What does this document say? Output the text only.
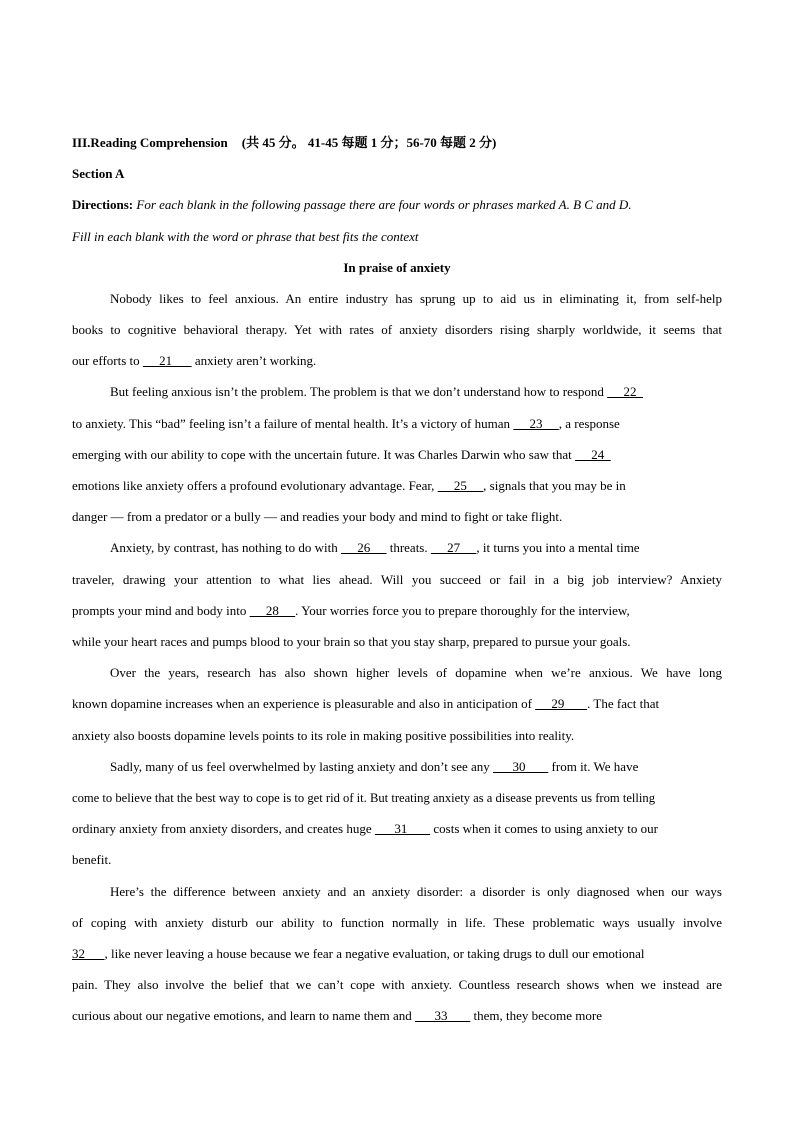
III.Reading Comprehension (共 45 分。 41-45 每题 1 分；56-70 每题 2 分)
Section A
Directions: For each blank in the following passage there are four words or phrases marked A. B C and D.
Fill in each blank with the word or phrase that best fits the context
In praise of anxiety
Nobody likes to feel anxious. An entire industry has sprung up to aid us in eliminating it, from self-help
books to cognitive behavioral therapy. Yet with rates of anxiety disorders rising sharply worldwide, it seems that
our efforts to      21       anxiety aren’t working.
But feeling anxious isn’t the problem. The problem is that we don’t understand how to respond      22
to anxiety. This “bad” feeling isn’t a failure of mental health. It’s a victory of human      23     , a response
emerging with our ability to cope with the uncertain future. It was Charles Darwin who saw that      24
emotions like anxiety offers a profound evolutionary advantage. Fear,      25     , signals that you may be in
danger — from a predator or a bully — and readies your body and mind to fight or take flight.
Anxiety, by contrast, has nothing to do with      26      threats.      27     , it turns you into a mental time
traveler, drawing your attention to what lies ahead. Will you succeed or fail in a big job interview? Anxiety
prompts your mind and body into      28     . Your worries force you to prepare thoroughly for the interview,
while your heart races and pumps blood to your brain so that you stay sharp, prepared to pursue your goals.
Over the years, research has also shown higher levels of dopamine when we’re anxious. We have long
known dopamine increases when an experience is pleasurable and also in anticipation of      29       . The fact that
anxiety also boosts dopamine levels points to its role in making positive possibilities into reality.
Sadly, many of us feel overwhelmed by lasting anxiety and don’t see any       30        from it. We have
come to believe that the best way to cope is to get rid of it. But treating anxiety as a disease prevents us from telling
ordinary anxiety from anxiety disorders, and creates huge       31        costs when it comes to using anxiety to our
benefit.
Here’s the difference between anxiety and an anxiety disorder: a disorder is only diagnosed when our ways
of coping with anxiety disturb our ability to function normally in life. These problematic ways usually involve
32      , like never leaving a house because we fear a negative evaluation, or taking drugs to dull our emotional
pain. They also involve the belief that we can’t cope with anxiety. Countless research shows when we instead are
curious about our negative emotions, and learn to name them and       33        them, they become more
